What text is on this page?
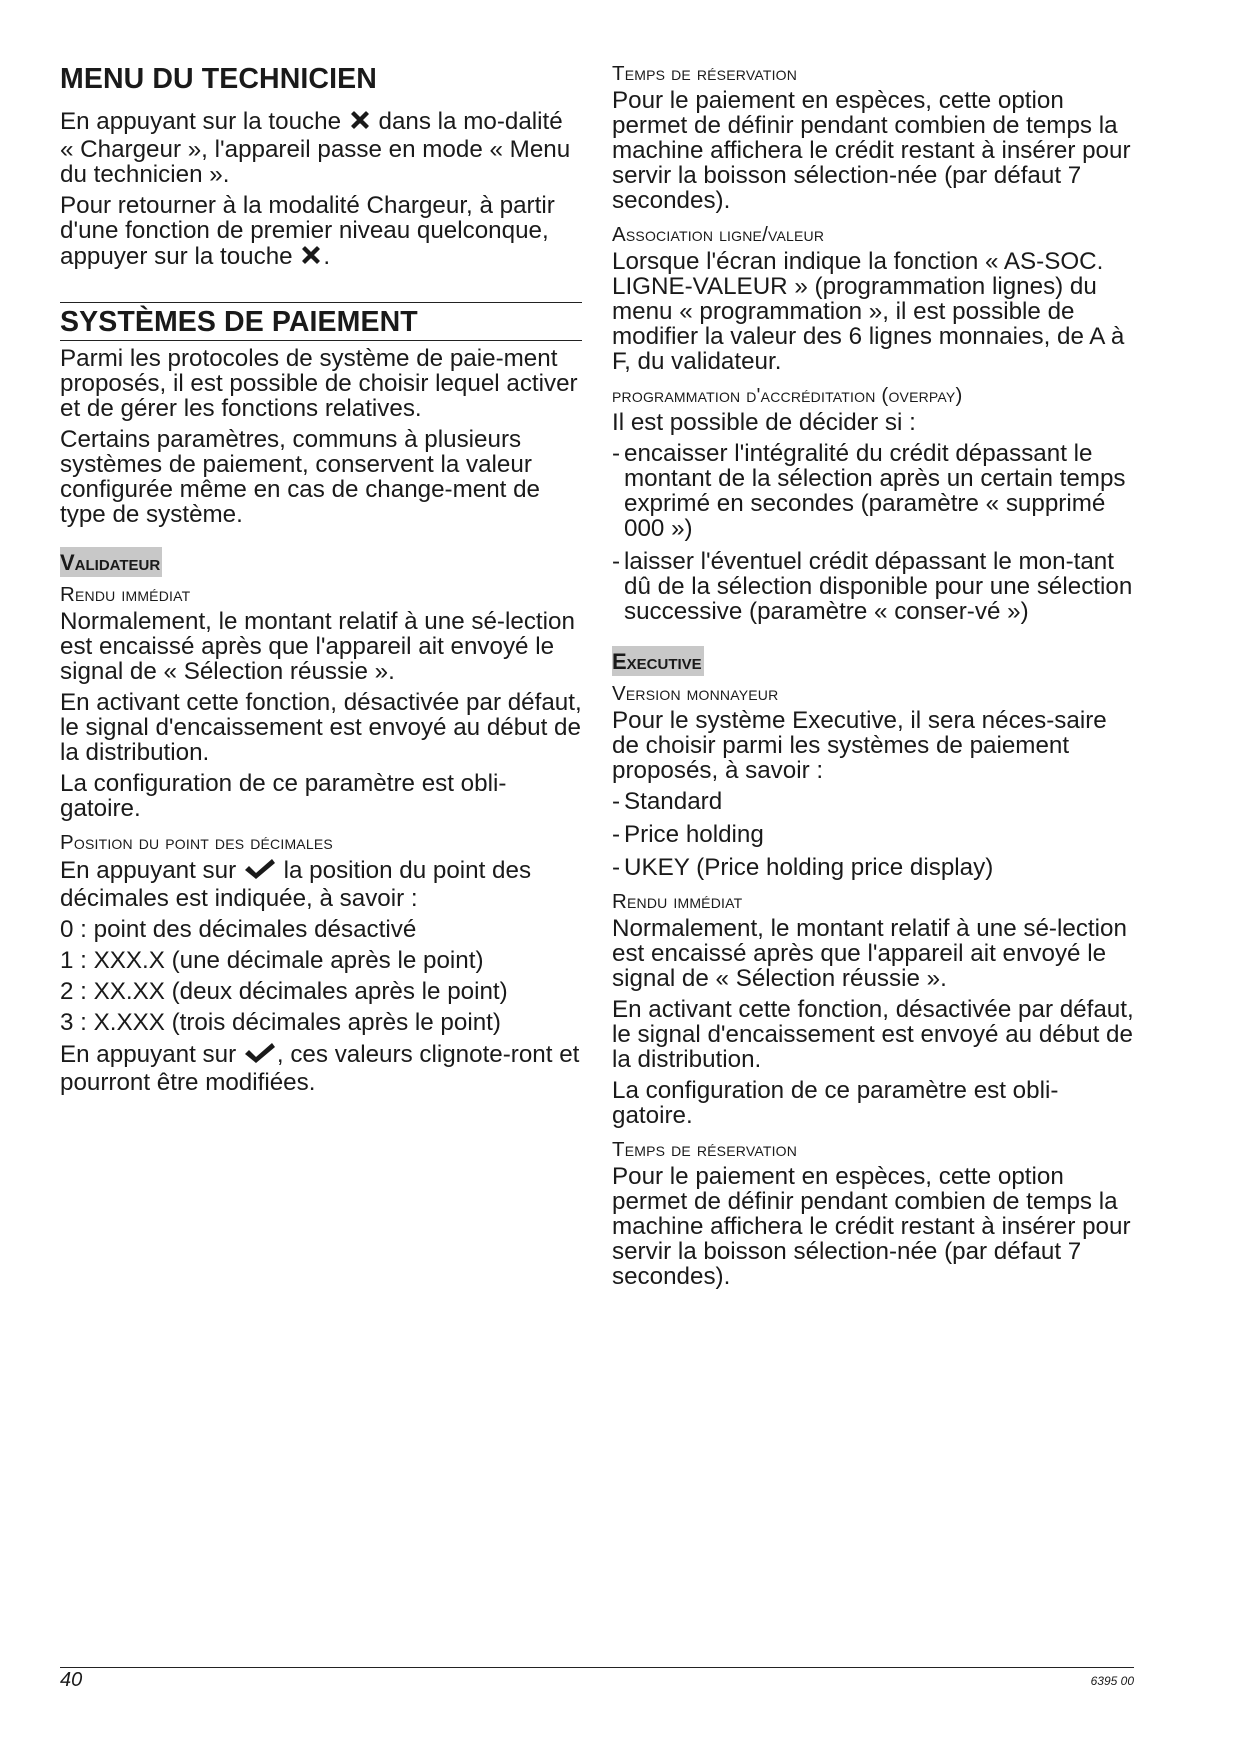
MENU DU TECHNICIEN

En appuyant sur la touche dans la mo-dalité « Chargeur », l'appareil passe en mode « Menu du technicien ».

Pour retourner à la modalité Chargeur, à partir d'une fonction de premier niveau quelconque, appuyer sur la touche .

SYSTÈMES DE PAIEMENT

Parmi les protocoles de système de paie-ment proposés, il est possible de choisir lequel activer et de gérer les fonctions relatives.

Certains paramètres, communs à plusieurs systèmes de paiement, conservent la valeur configurée même en cas de change-ment de type de système.

Validateur
Rendu immédiat

Normalement, le montant relatif à une sé-lection est encaissé après que l'appareil ait envoyé le signal de « Sélection réussie ».

En activant cette fonction, désactivée par défaut, le signal d'encaissement est envoyé au début de la distribution.

La configuration de ce paramètre est obli-gatoire.

Position du point des décimales

En appuyant sur la position du point des décimales est indiquée, à savoir :

0 : point des décimales désactivé
1 : XXX.X (une décimale après le point)
2 : XX.XX (deux décimales après le point)
3 : X.XXX (trois décimales après le point)

En appuyant sur , ces valeurs clignote-ront et pourront être modifiées.

Temps de réservation

Pour le paiement en espèces, cette option permet de définir pendant combien de temps la machine affichera le crédit restant à insérer pour servir la boisson sélection-née (par défaut 7 secondes).

Association ligne/valeur

Lorsque l'écran indique la fonction « AS-SOC. LIGNE-VALEUR » (programmation lignes) du menu « programmation », il est possible de modifier la valeur des 6 lignes monnaies, de A à F, du validateur.

programmation d'accréditation (overpay)

Il est possible de décider si :

- encaisser l'intégralité du crédit dépassant le montant de la sélection après un certain temps exprimé en secondes (paramètre « supprimé 000 »)
- laisser l'éventuel crédit dépassant le mon-tant dû de la sélection disponible pour une sélection successive (paramètre « conser-vé »)
Executive
Version monnayeur

Pour le système Executive, il sera néces-saire de choisir parmi les systèmes de paiement proposés, à savoir :

- Standard
- Price holding
- UKEY (Price holding price display)
Rendu immédiat

Normalement, le montant relatif à une sé-lection est encaissé après que l'appareil ait envoyé le signal de « Sélection réussie ».

En activant cette fonction, désactivée par défaut, le signal d'encaissement est envoyé au début de la distribution.

La configuration de ce paramètre est obli-gatoire.

Temps de réservation

Pour le paiement en espèces, cette option permet de définir pendant combien de temps la machine affichera le crédit restant à insérer pour servir la boisson sélection-née (par défaut 7 secondes).

40	6395 00
